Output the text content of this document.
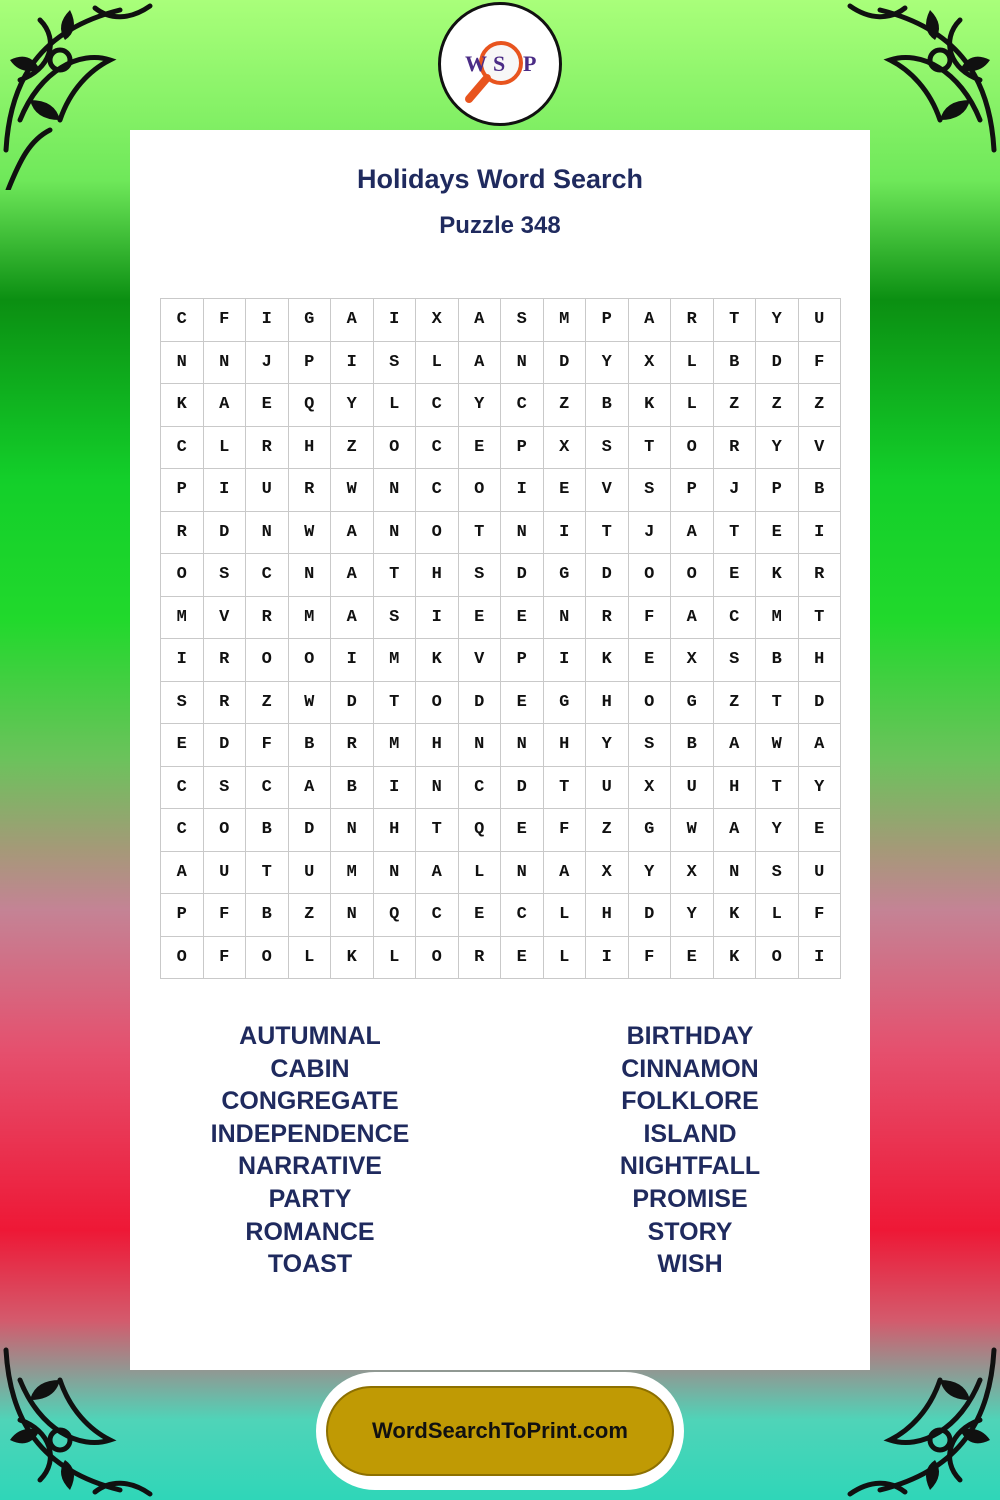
W S P
Holidays Word Search
Puzzle 348
C	F	I	G	A	I	X	A	S	M	P	A	R	T	Y	U
N	N	J	P	I	S	L	A	N	D	Y	X	L	B	D	F
K	A	E	Q	Y	L	C	Y	C	Z	B	K	L	Z	Z	Z
C	L	R	H	Z	O	C	E	P	X	S	T	O	R	Y	V
P	I	U	R	W	N	C	O	I	E	V	S	P	J	P	B
R	D	N	W	A	N	O	T	N	I	T	J	A	T	E	I
O	S	C	N	A	T	H	S	D	G	D	O	O	E	K	R
M	V	R	M	A	S	I	E	E	N	R	F	A	C	M	T
I	R	O	O	I	M	K	V	P	I	K	E	X	S	B	H
S	R	Z	W	D	T	O	D	E	G	H	O	G	Z	T	D
E	D	F	B	R	M	H	N	N	H	Y	S	B	A	W	A
C	S	C	A	B	I	N	C	D	T	U	X	U	H	T	Y
C	O	B	D	N	H	T	Q	E	F	Z	G	W	A	Y	E
A	U	T	U	M	N	A	L	N	A	X	Y	X	N	S	U
P	F	B	Z	N	Q	C	E	C	L	H	D	Y	K	L	F
O	F	O	L	K	L	O	R	E	L	I	F	E	K	O	I
AUTUMNAL
CABIN
CONGREGATE
INDEPENDENCE
NARRATIVE
PARTY
ROMANCE
TOAST
BIRTHDAY
CINNAMON
FOLKLORE
ISLAND
NIGHTFALL
PROMISE
STORY
WISH
WordSearchToPrint.com
